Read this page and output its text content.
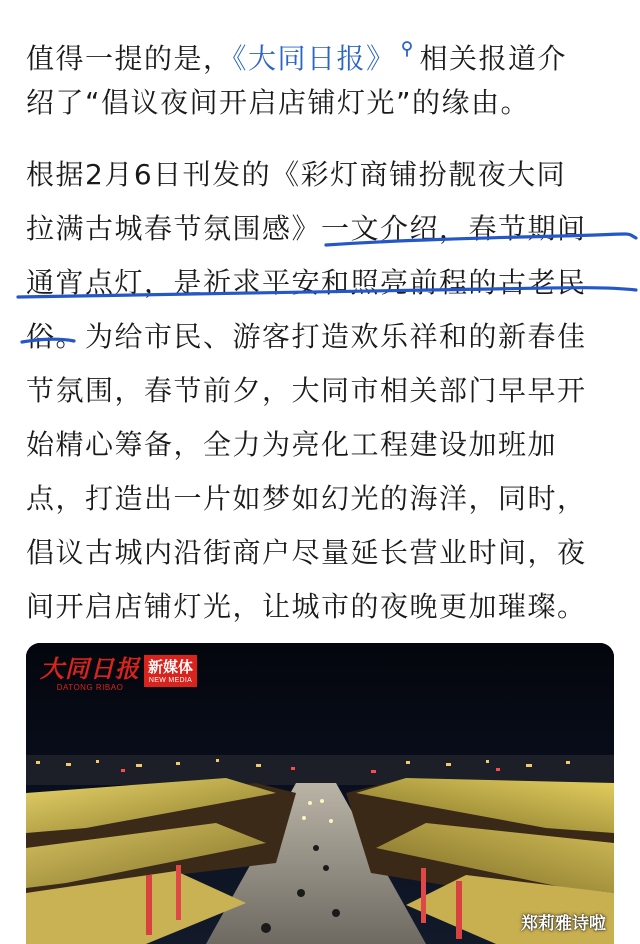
值得一提的是，《大同日报》 相关报道介
绍了“倡议夜间开启店铺灯光”的缘由。

根据2月6日刊发的《彩灯商铺扮靓夜大同
拉满古城春节氛围感》一文介绍，春节期间
通宵点灯，是祈求平安和照亮前程的古老民
俗。为给市民、游客打造欢乐祥和的新春佳
节氛围，春节前夕，大同市相关部门早早开
始精心筹备，全力为亮化工程建设加班加
点，打造出一片如梦如幻光的海洋，同时，
倡议古城内沿街商户尽量延长营业时间，夜
间开启店铺灯光，让城市的夜晚更加璀璨。

大同日报
DATONG RIBAO
新媒体
NEW MEDIA
郑莉雅诗啦
